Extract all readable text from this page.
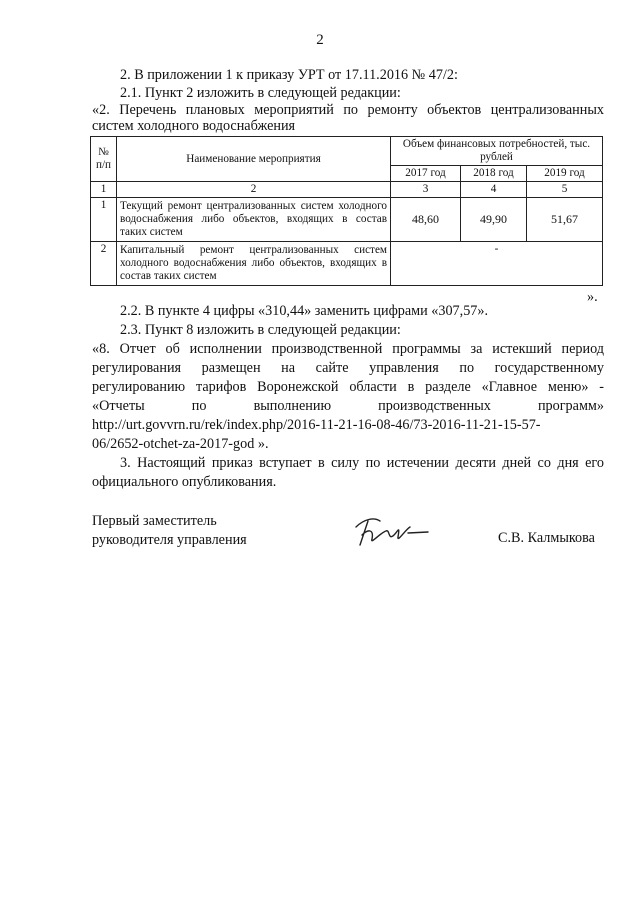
2
2. В приложении 1 к приказу УРТ от 17.11.2016 № 47/2:
2.1. Пункт 2 изложить в следующей редакции:
«2. Перечень плановых мероприятий по ремонту объектов централизованных
систем холодного водоснабжения
№ п/п	Наименование мероприятия	Объем финансовых потребностей, тыс. рублей		
		2017 год	2018 год	2019 год
1	2	3	4	5
1	Текущий ремонт централизованных систем холодного водоснабжения либо объектов, входящих в состав таких систем	48,60	49,90	51,67
2	Капитальный ремонт централизованных систем холодного водоснабжения либо объектов, входящих в состав таких систем	-		
».
2.2. В пункте 4 цифры «310,44» заменить цифрами «307,57».
2.3. Пункт 8 изложить в следующей редакции:
«8. Отчет об исполнении производственной программы за истекший период
регулирования размещен на сайте управления по государственному
регулированию тарифов Воронежской области в разделе «Главное меню» -
«Отчеты по выполнению производственных программ»
http://urt.govvrn.ru/rek/index.php/2016-11-21-16-08-46/73-2016-11-21-15-57-
06/2652-otchet-za-2017-god ».
3. Настоящий приказ вступает в силу по истечении десяти дней со дня его
официального опубликования.
Первый заместитель
руководителя управления	С.В. Калмыкова
